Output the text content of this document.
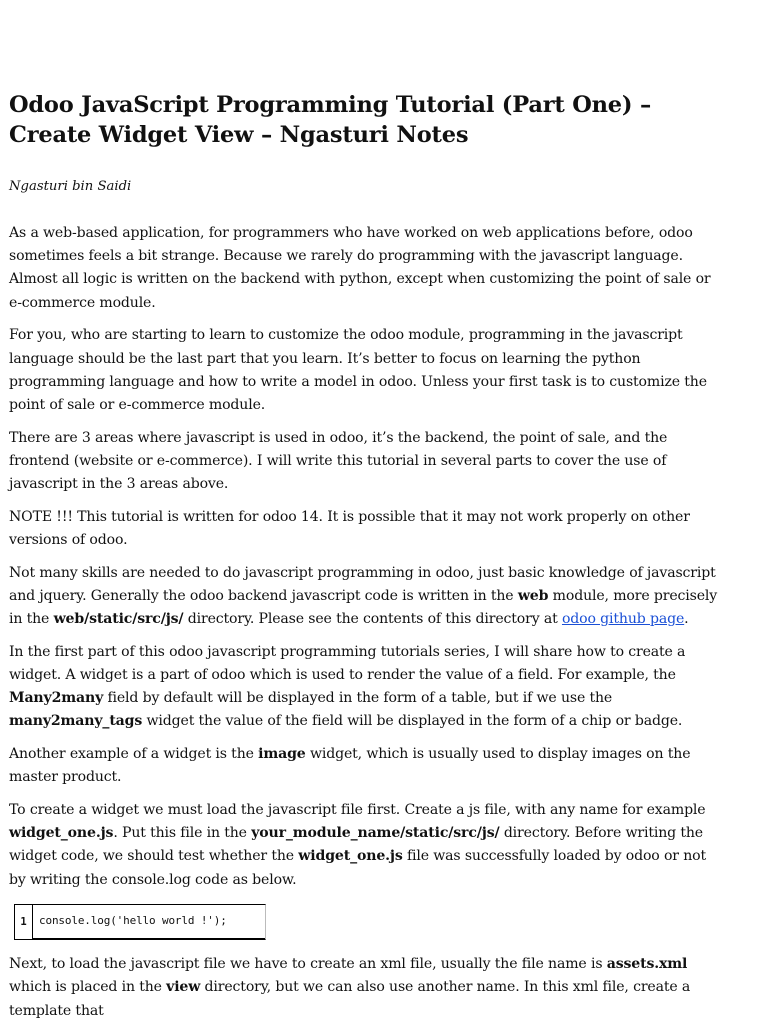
Odoo JavaScript Programming Tutorial (Part One) – Create Widget View – Ngasturi Notes
Ngasturi bin Saidi

As a web-based application, for programmers who have worked on web applications before, odoo sometimes feels a bit strange. Because we rarely do programming with the javascript language. Almost all logic is written on the backend with python, except when customizing the point of sale or e-commerce module.

For you, who are starting to learn to customize the odoo module, programming in the javascript language should be the last part that you learn. It’s better to focus on learning the python programming language and how to write a model in odoo. Unless your first task is to customize the point of sale or e-commerce module.

There are 3 areas where javascript is used in odoo, it’s the backend, the point of sale, and the frontend (website or e-commerce). I will write this tutorial in several parts to cover the use of javascript in the 3 areas above.

NOTE !!! This tutorial is written for odoo 14. It is possible that it may not work properly on other versions of odoo.

Not many skills are needed to do javascript programming in odoo, just basic knowledge of javascript and jquery. Generally the odoo backend javascript code is written in the web module, more precisely in the web/static/src/js/ directory. Please see the contents of this directory at odoo github page.

In the first part of this odoo javascript programming tutorials series, I will share how to create a widget. A widget is a part of odoo which is used to render the value of a field. For example, the Many2many field by default will be displayed in the form of a table, but if we use the many2many_tags widget the value of the field will be displayed in the form of a chip or badge.

Another example of a widget is the image widget, which is usually used to display images on the master product.

To create a widget we must load the javascript file first. Create a js file, with any name for example widget_one.js. Put this file in the your_module_name/static/src/js/ directory. Before writing the widget code, we should test whether the widget_one.js file was successfully loaded by odoo or not by writing the console.log code as below.

1	console.log('hello world !');

Next, to load the javascript file we have to create an xml file, usually the file name is assets.xml which is placed in the view directory, but we can also use another name. In this xml file, create a template that
